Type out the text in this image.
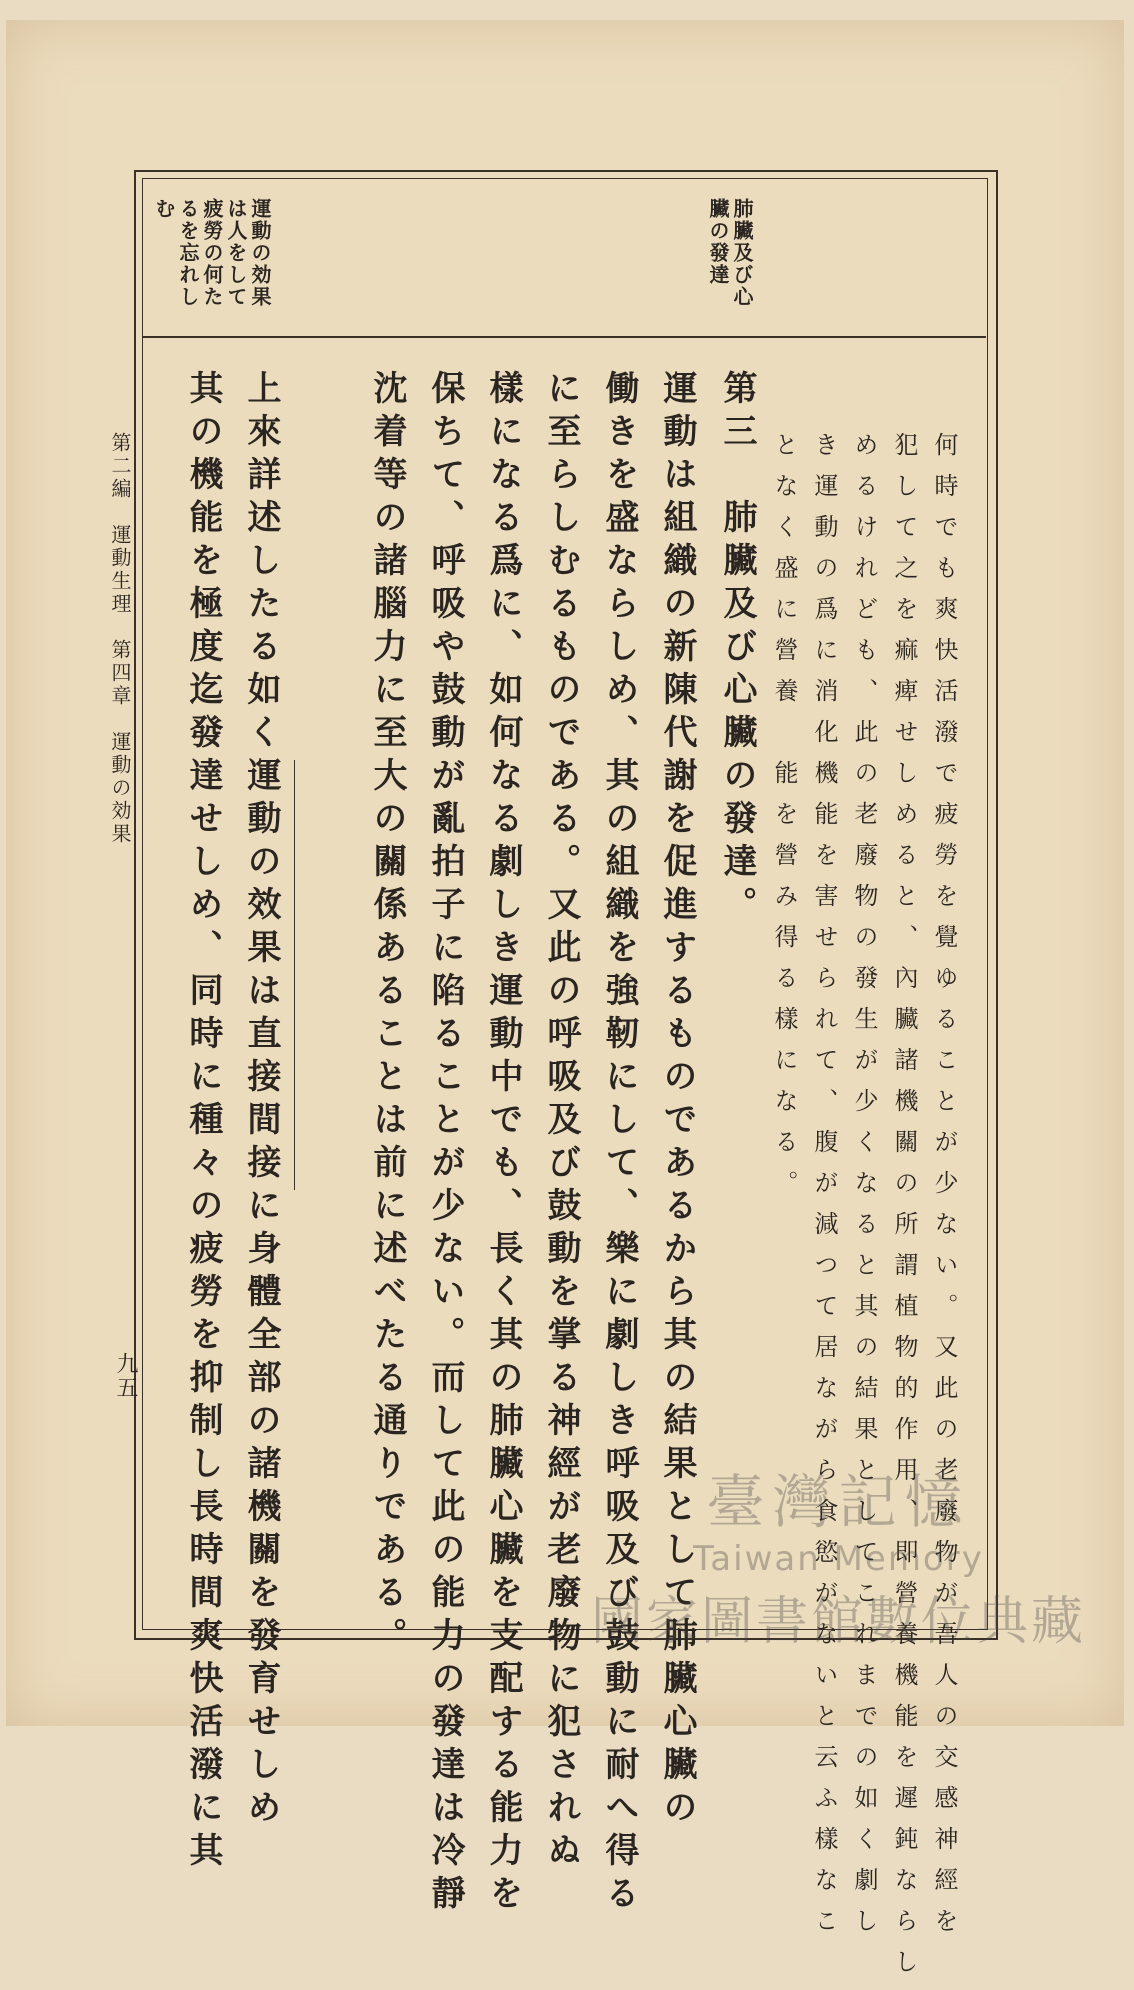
肺臟及び心
臟の發達
運動の効果
は人をして
疲勞の何た
るを忘れし
む
何時でも爽快活潑で疲勞を覺ゆることが少ない。又此の老廢物が吾人の交感神經を
犯して之を痲痺せしめると、內臟諸機關の所謂植物的作用、即營養機能を遲鈍ならし
めるけれども、此の老廢物の發生が少くなると其の結果としてこれまでの如く劇し
き運動の爲に消化機能を害せられて、腹が減つて居ながら食慾がないと云ふ樣なこ
となく盛に營養　能を營み得る樣になる。
第三　肺臟及び心臟の發達。
運動は組織の新陳代謝を促進するものであるから其の結果として肺臟心臟の
働きを盛ならしめ、其の組織を強靭にして、樂に劇しき呼吸及び鼓動に耐へ得る
に至らしむるものである。又此の呼吸及び鼓動を掌る神經が老廢物に犯されぬ
樣になる爲に、如何なる劇しき運動中でも、長く其の肺臟心臟を支配する能力を
保ちて、呼吸や鼓動が亂拍子に陷ることが少ない。而して此の能力の發達は冷靜
沈着等の諸腦力に至大の關係あることは前に述べたる通りである。
上來詳述したる如く運動の效果は直接間接に身體全部の諸機關を發育せしめ
其の機能を極度迄發達せしめ、同時に種々の疲勞を抑制し長時間爽快活潑に其
第二編　運動生理　第四章　運動の効果
九五
臺灣記憶
Taiwan Memory
國家圖書館數位典藏
